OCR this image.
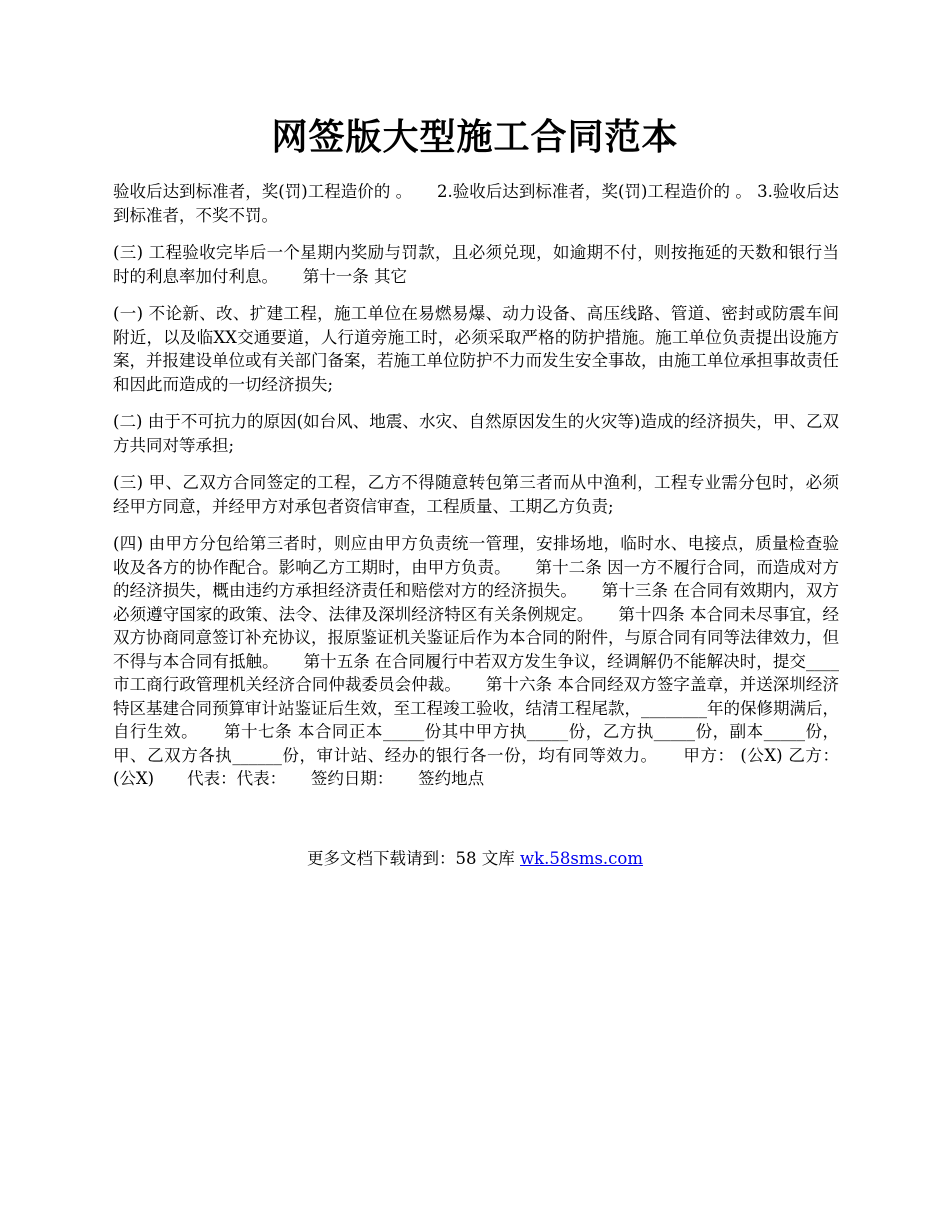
网签版大型施工合同范本

验收后达到标准者，奖(罚)工程造价的 。　　2.验收后达到标准者，奖(罚)工程造价的 。 3.验收后达到标准者，不奖不罚。

(三) 工程验收完毕后一个星期内奖励与罚款，且必须兑现，如逾期不付，则按拖延的天数和银行当时的利息率加付利息。　　第十一条 其它

(一) 不论新、改、扩建工程，施工单位在易燃易爆、动力设备、高压线路、管道、密封或防震车间附近，以及临XX交通要道，人行道旁施工时，必须采取严格的防护措施。施工单位负责提出设施方案，并报建设单位或有关部门备案，若施工单位防护不力而发生安全事故，由施工单位承担事故责任和因此而造成的一切经济损失;

(二) 由于不可抗力的原因(如台风、地震、水灾、自然原因发生的火灾等)造成的经济损失，甲、乙双方共同对等承担;

(三) 甲、乙双方合同签定的工程，乙方不得随意转包第三者而从中渔利，工程专业需分包时，必须经甲方同意，并经甲方对承包者资信审查，工程质量、工期乙方负责;

(四) 由甲方分包给第三者时，则应由甲方负责统一管理，安排场地，临时水、电接点，质量检查验收及各方的协作配合。影响乙方工期时，由甲方负责。　　第十二条 因一方不履行合同，而造成对方的经济损失，概由违约方承担经济责任和赔偿对方的经济损失。　　第十三条 在合同有效期内，双方必须遵守国家的政策、法令、法律及深圳经济特区有关条例规定。　　第十四条 本合同未尽事宜，经双方协商同意签订补充协议，报原鉴证机关鉴证后作为本合同的附件，与原合同有同等法律效力，但不得与本合同有抵触。　　第十五条 在合同履行中若双方发生争议，经调解仍不能解决时，提交____市工商行政管理机关经济合同仲裁委员会仲裁。　　第十六条 本合同经双方签字盖章，并送深圳经济特区基建合同预算审计站鉴证后生效，至工程竣工验收，结清工程尾款，________年的保修期满后，自行生效。　　第十七条 本合同正本_____份其中甲方执_____份，乙方执_____份，副本_____份，甲、乙双方各执______份，审计站、经办的银行各一份，均有同等效力。　　甲方： (公X) 乙方： (公X)　　代表：代表：　　签约日期：　　签约地点

更多文档下载请到：58 文库 wk.58sms.com
